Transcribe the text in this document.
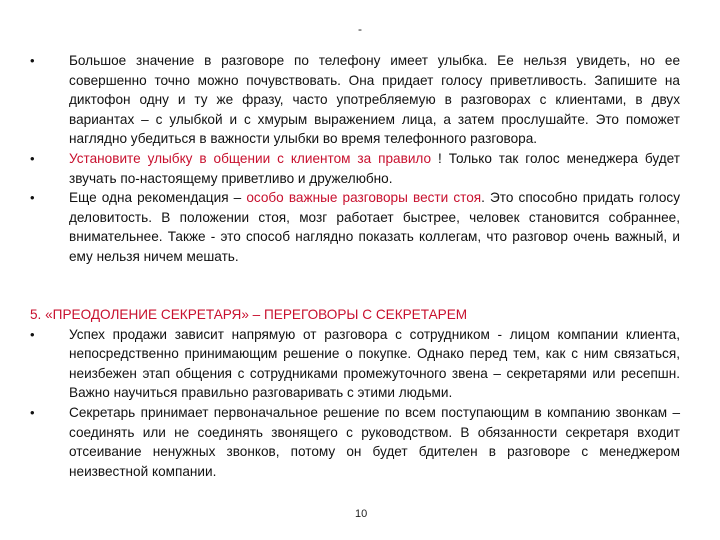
-
•	Большое значение в разговоре по телефону имеет улыбка. Ее нельзя увидеть, но ее совершенно точно можно почувствовать. Она придает голосу приветливость. Запишите на диктофон одну и ту же фразу, часто употребляемую в разговорах с клиентами, в двух вариантах – с улыбкой и с хмурым выражением лица, а затем прослушайте. Это поможет наглядно убедиться в важности улыбки во время телефонного разговора.
•	Установите улыбку в общении с клиентом за правило ! Только так голос менеджера будет звучать по-настоящему приветливо и дружелюбно.
•	Еще одна рекомендация – особо важные разговоры вести стоя. Это способно придать голосу деловитость. В положении стоя, мозг работает быстрее, человек становится собраннее, внимательнее. Также - это способ наглядно показать коллегам, что разговор очень важный, и ему нельзя ничем мешать.
5. «ПРЕОДОЛЕНИЕ СЕКРЕТАРЯ» – ПЕРЕГОВОРЫ С СЕКРЕТАРЕМ
•	Успех продажи зависит напрямую от разговора с сотрудником - лицом компании клиента, непосредственно принимающим решение о покупке. Однако перед тем, как с ним связаться, неизбежен этап общения с сотрудниками промежуточного звена – секретарями или ресепшн. Важно научиться правильно разговаривать с этими людьми.
•	Секретарь принимает первоначальное решение по всем поступающим в компанию звонкам – соединять или не соединять звонящего с руководством. В обязанности секретаря входит отсеивание ненужных звонков, потому он будет бдителен в разговоре с менеджером неизвестной компании.
10
